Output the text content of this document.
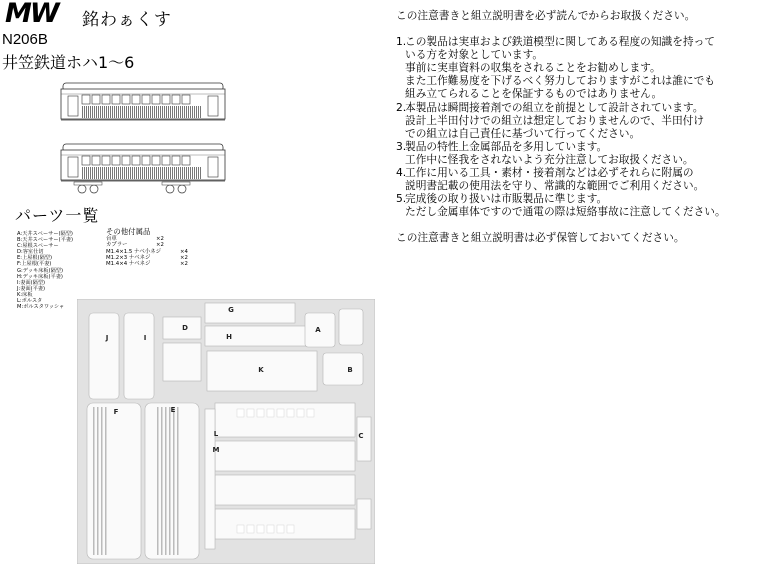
MW 銘わぁくす
N206B
井笠鉄道ホハ1〜6
パーツ一覧
A:天井スペーサー(隔型)
B:天井スペーサー(平妻)
C:屋根スペーサー
D:客室仕切
E:上屋根(隔型)
F:上屋根(平妻)
G:デッキ床板(隔型)
H:デッキ床板(平妻)
I:妻面(隔型)
J:妻面(平妻)
K:床板
L:ボルスタ
M:ボルスタワッシャ
その他付属品
台車	×2
カプラー	×2
M1.4×1.5 ナベ小ネジ	×4
M1.2×3 ナベネジ	×2
M1.4×4 ナベネジ	×2
G
D	A
J	I	H
K	B
F	E
L
M
C
この注意書きと組立説明書を必ず読んでからお取扱ください。
1.
この製品は実車および鉄道模型に関してある程度の知識を持って
いる方を対象としています。
事前に実車資料の収集をされることをお勧めします。
また工作難易度を下げるべく努力しておりますがこれは誰にでも
組み立てられることを保証するものではありません。
2.
本製品は瞬間接着剤での組立を前提として設計されています。
設計上半田付けでの組立は想定しておりませんので、半田付け
での組立は自己責任に基づいて行ってください。
3.
製品の特性上金属部品を多用しています。
工作中に怪我をされないよう充分注意してお取扱ください。
4.
工作に用いる工具・素材・接着剤などは必ずそれらに附属の
説明書記載の使用法を守り、常識的な範囲でご利用ください。
5.
完成後の取り扱いは市販製品に準じます。
ただし金属車体ですので通電の際は短絡事故に注意してください。
この注意書きと組立説明書は必ず保管しておいてください。
